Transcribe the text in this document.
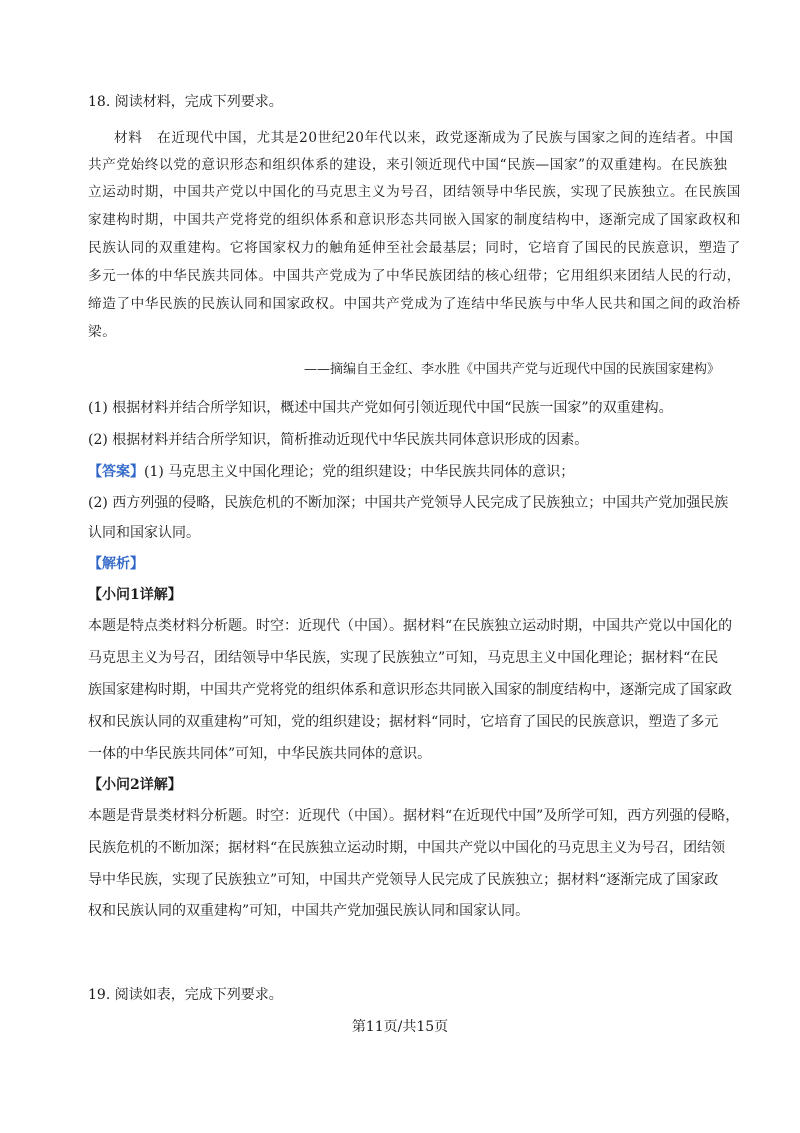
18. 阅读材料，完成下列要求。
材料 在近现代中国，尤其是20世纪20年代以来，政党逐渐成为了民族与国家之间的连结者。中国
共产党始终以党的意识形态和组织体系的建设，来引领近现代中国“民族—国家”的双重建构。在民族独
立运动时期，中国共产党以中国化的马克思主义为号召，团结领导中华民族，实现了民族独立。在民族国
家建构时期，中国共产党将党的组织体系和意识形态共同嵌入国家的制度结构中，逐渐完成了国家政权和
民族认同的双重建构。它将国家权力的触角延伸至社会最基层；同时，它培育了国民的民族意识，塑造了
多元一体的中华民族共同体。中国共产党成为了中华民族团结的核心纽带；它用组织来团结人民的行动，
缔造了中华民族的民族认同和国家政权。中国共产党成为了连结中华民族与中华人民共和国之间的政治桥
梁。
——摘编自王金红、李水胜《中国共产党与近现代中国的民族国家建构》
(1) 根据材料并结合所学知识，概述中国共产党如何引领近现代中国“民族一国家”的双重建构。
(2) 根据材料并结合所学知识，简析推动近现代中华民族共同体意识形成的因素。
【答案】(1) 马克思主义中国化理论；党的组织建设；中华民族共同体的意识；
(2) 西方列强的侵略，民族危机的不断加深；中国共产党领导人民完成了民族独立；中国共产党加强民族
认同和国家认同。
【解析】
【小问1详解】
本题是特点类材料分析题。时空：近现代（中国）。据材料“在民族独立运动时期，中国共产党以中国化的
马克思主义为号召，团结领导中华民族，实现了民族独立”可知，马克思主义中国化理论；据材料“在民
族国家建构时期，中国共产党将党的组织体系和意识形态共同嵌入国家的制度结构中，逐渐完成了国家政
权和民族认同的双重建构”可知，党的组织建设；据材料“同时，它培育了国民的民族意识，塑造了多元
一体的中华民族共同体”可知，中华民族共同体的意识。
【小问2详解】
本题是背景类材料分析题。时空：近现代（中国）。据材料“在近现代中国”及所学可知，西方列强的侵略，
民族危机的不断加深；据材料“在民族独立运动时期，中国共产党以中国化的马克思主义为号召，团结领
导中华民族，实现了民族独立”可知，中国共产党领导人民完成了民族独立；据材料“逐渐完成了国家政
权和民族认同的双重建构”可知，中国共产党加强民族认同和国家认同。
19. 阅读如表，完成下列要求。
第11页/共15页
